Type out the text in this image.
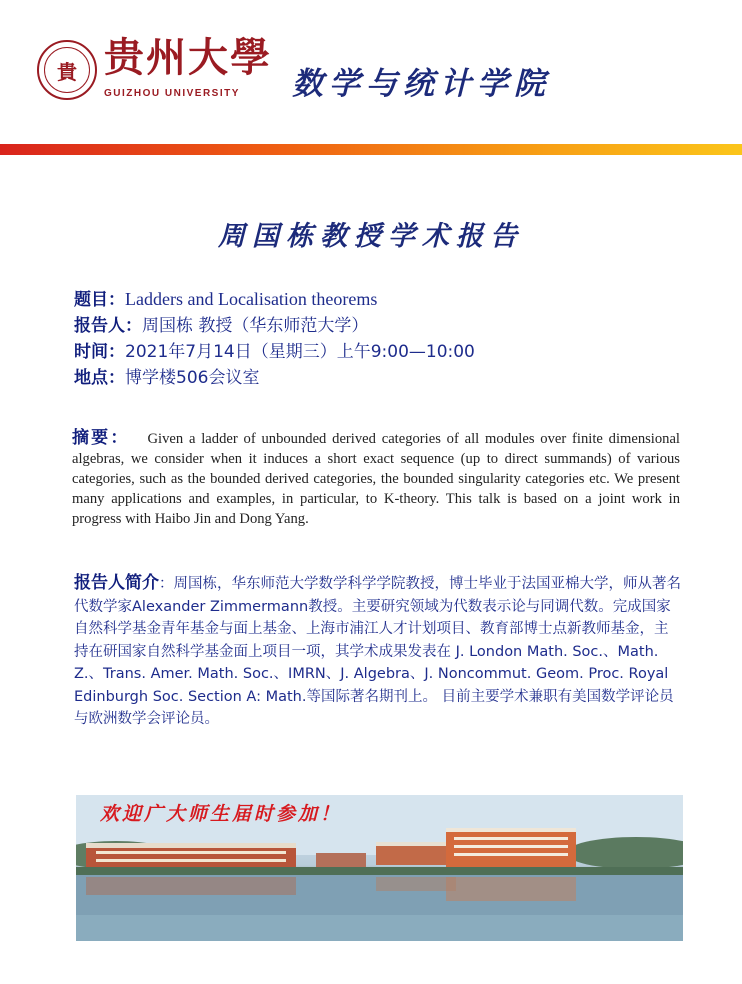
貴 贵州大學
GUIZHOU UNIVERSITY 数学与统计学院
周国栋教授学术报告
题目：Ladders and Localisation theorems
报告人：周国栋 教授（华东师范大学）
时间：2021年7月14日（星期三）上午9:00—10:00
地点：博学楼506会议室
摘要： Given a ladder of unbounded derived categories of all modules over finite dimensional algebras, we consider when it induces a short exact sequence (up to direct summands) of various categories, such as the bounded derived categories, the bounded singularity categories etc. We present many applications and examples, in particular, to K-theory. This talk is based on a joint work in progress with Haibo Jin and Dong Yang.
报告人简介：周国栋，华东师范大学数学科学学院教授，博士毕业于法国亚棉大学，师从著名代数学家Alexander Zimmermann教授。主要研究领域为代数表示论与同调代数。完成国家自然科学基金青年基金与面上基金、上海市浦江人才计划项目、教育部博士点新教师基金，主持在研国家自然科学基金面上项目一项，其学术成果发表在 J. London Math. Soc.、Math. Z.、Trans. Amer. Math. Soc.、IMRN、J. Algebra、J. Noncommut. Geom. Proc. Royal Edinburgh Soc. Section A: Math.等国际著名期刊上。 目前主要学术兼职有美国数学评论员与欧洲数学会评论员。
欢迎广大师生届时参加！
